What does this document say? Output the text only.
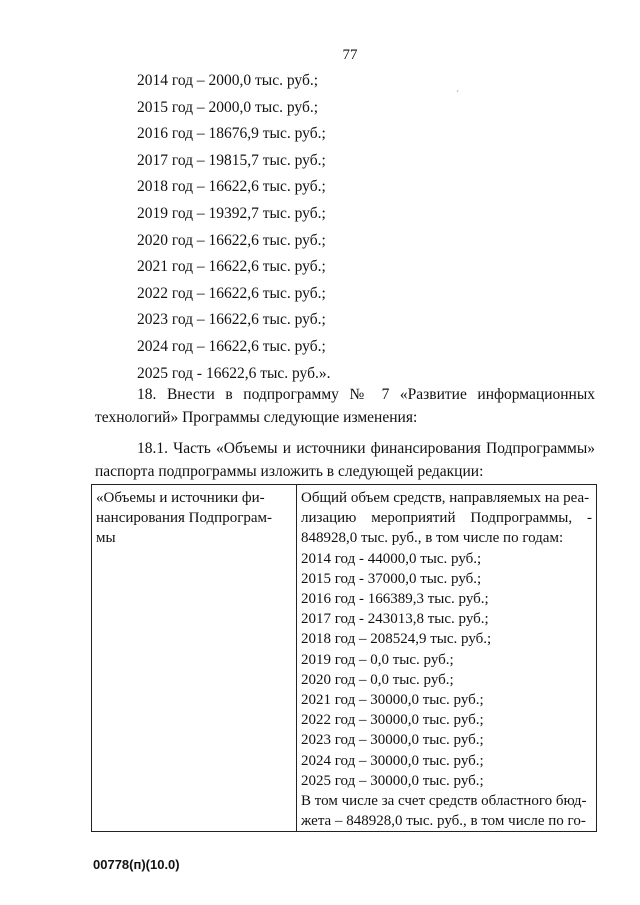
77
ˊ
2014 год – 2000,0 тыс. руб.;
2015 год – 2000,0 тыс. руб.;
2016 год – 18676,9 тыс. руб.;
2017 год – 19815,7 тыс. руб.;
2018 год – 16622,6 тыс. руб.;
2019 год – 19392,7 тыс. руб.;
2020 год – 16622,6 тыс. руб.;
2021 год – 16622,6 тыс. руб.;
2022 год – 16622,6 тыс. руб.;
2023 год – 16622,6 тыс. руб.;
2024 год – 16622,6 тыс. руб.;
2025 год - 16622,6 тыс. руб.».
18. Внести в подпрограмму № 7 «Развитие информационных технологий» Программы следующие изменения:
18.1. Часть «Объемы и источники финансирования Подпрограммы» паспорта подпрограммы изложить в следующей редакции:
«Объемы и источники фи-
нансирования Подпрограм-
мы

Общий объем средств, направляемых на реа-
лизацию мероприятий Подпрограммы, -
848928,0 тыс. руб., в том числе по годам:
2014 год - 44000,0 тыс. руб.;
2015 год - 37000,0 тыс. руб.;
2016 год - 166389,3 тыс. руб.;
2017 год - 243013,8 тыс. руб.;
2018 год – 208524,9 тыс. руб.;
2019 год – 0,0 тыс. руб.;
2020 год – 0,0 тыс. руб.;
2021 год – 30000,0 тыс. руб.;
2022 год – 30000,0 тыс. руб.;
2023 год – 30000,0 тыс. руб.;
2024 год – 30000,0 тыс. руб.;
2025 год – 30000,0 тыс. руб.;
В том числе за счет средств областного бюд-
жета – 848928,0 тыс. руб., в том числе по го-
00778(п)(10.0)
